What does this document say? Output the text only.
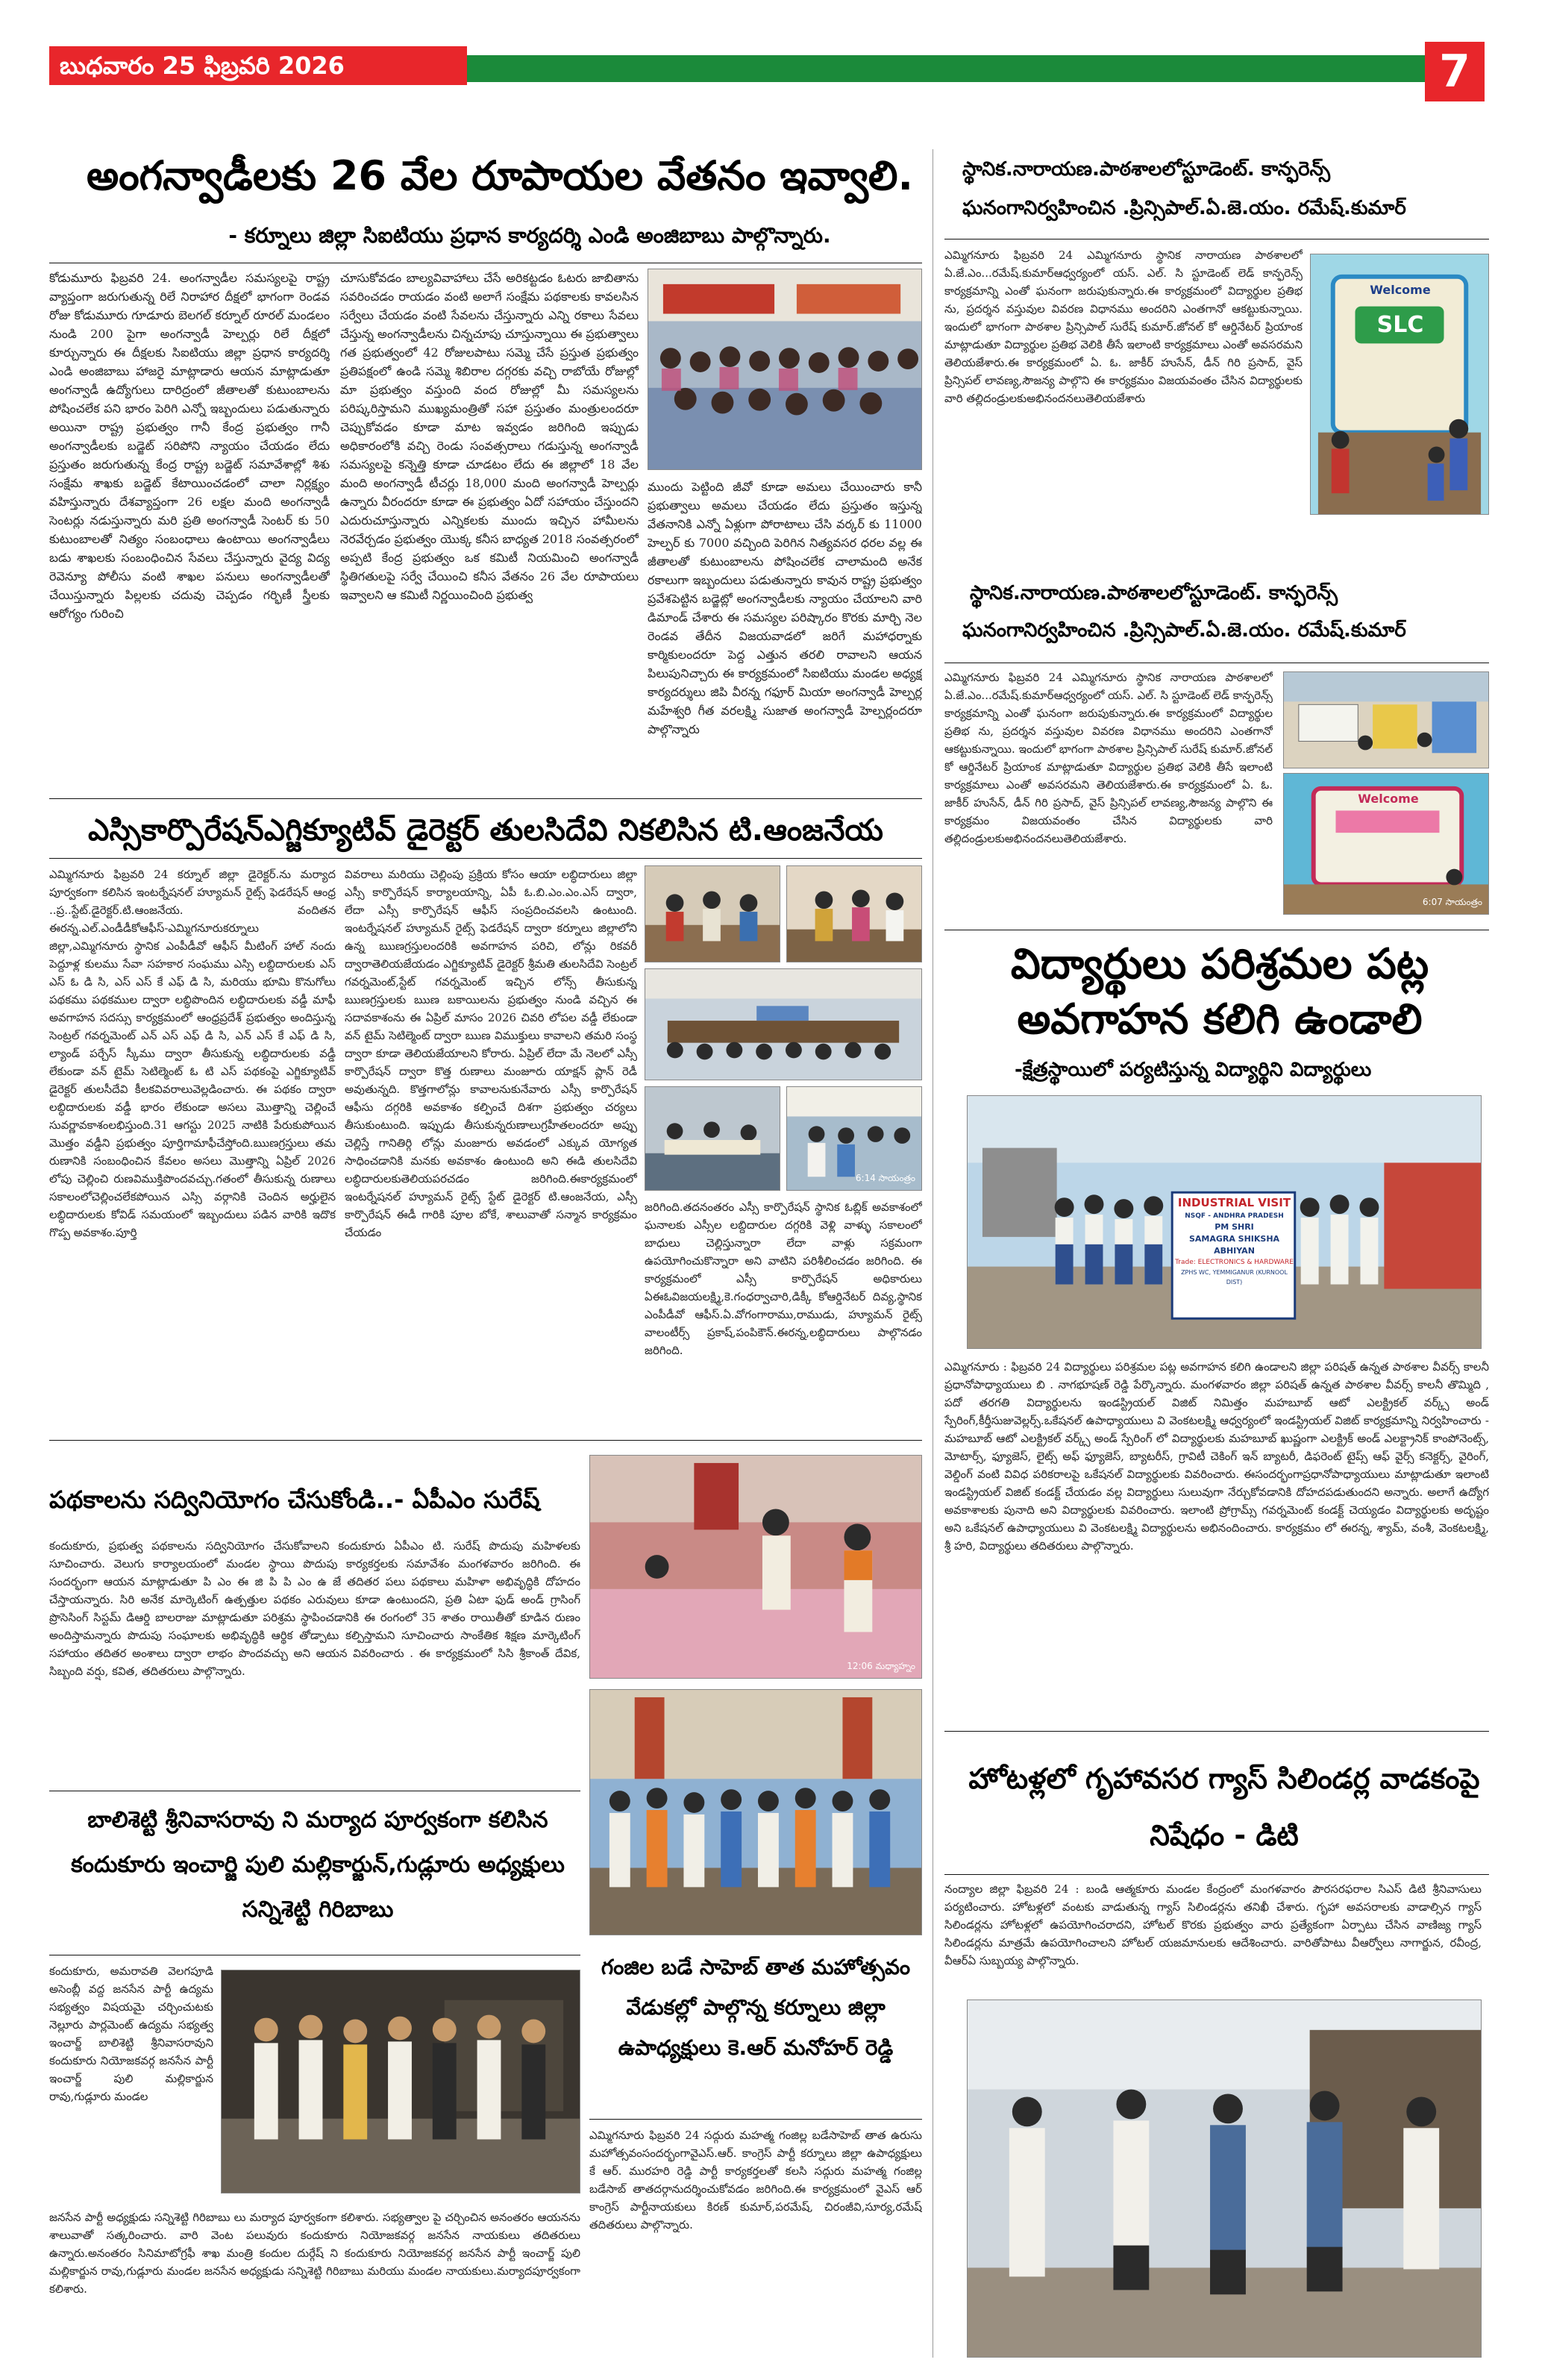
బుధవారం 25 ఫిబ్రవరి 2026	7
అంగన్వాడీలకు 26 వేల రూపాయల వేతనం ఇవ్వాలి.
- కర్నూలు జిల్లా సిఐటియు ప్రధాన కార్యదర్శి ఎండి అంజిబాబు పాల్గొన్నారు.
కోడుమూరు ఫిబ్రవరి 24. అంగన్వాడీల సమస్యలపై రాష్ట్ర వ్యాప్తంగా జరుగుతున్న రిలే నిరాహార దీక్షలో భాగంగా రెండవ రోజు కోడుమూరు గూడూరు బెలగల్ కర్నూల్ రూరల్ మండలం నుండి 200 పైగా అంగన్వాడీ హెల్పర్లు రిలే దీక్షలో కూర్చున్నారు ఈ దీక్షలకు సిఐటియు జిల్లా ప్రధాన కార్యదర్శి ఎండి అంజిబాబు హాజరై మాట్లాడారు ఆయన మాట్లాడుతూ అంగన్వాడీ ఉద్యోగులు దారిద్రంలో జీతాలతో కుటుంబాలను పోషించలేక పని భారం పెరిగి ఎన్నో ఇబ్బందులు పడుతున్నారు అయినా రాష్ట్ర ప్రభుత్వం గానీ కేంద్ర ప్రభుత్వం గానీ అంగన్వాడీలకు బడ్జెట్ సరిపోని న్యాయం చేయడం లేదు ప్రస్తుతం జరుగుతున్న కేంద్ర రాష్ట్ర బడ్జెట్ సమావేశాల్లో శిశు సంక్షేమ శాఖకు బడ్జెట్ కేటాయించడంలో చాలా నిర్లక్ష్యం వహిస్తున్నారు దేశవ్యాప్తంగా 26 లక్షల మంది అంగన్వాడీ సెంటర్లు నడుస్తున్నారు మరి ప్రతి అంగన్వాడీ సెంటర్ కు 50 కుటుంబాలతో నిత్యం సంబంధాలు ఉంటాయి అంగన్వాడీలు బడు శాఖలకు సంబంధించిన సేవలు చేస్తున్నారు వైద్య విద్య రెవెన్యూ పోలీసు వంటి శాఖల పనులు అంగన్వాడీలతో చేయిస్తున్నారు పిల్లలకు చదువు చెప్పడం గర్భిణీ స్త్రీలకు ఆరోగ్యం గురించి
చూసుకోవడం బాల్యవివాహాలు చేసే అరికట్టడం ఓటరు జాబితాను సవరించడం రాయడం వంటి అలాగే సంక్షేమ పథకాలకు కావలసిన సర్వేలు చేయడం వంటి సేవలను చేస్తున్నారు ఎన్ని రకాలు సేవలు చేస్తున్న అంగన్వాడీలను చిన్నచూపు చూస్తున్నాయి ఈ ప్రభుత్వాలు గత ప్రభుత్వంలో 42 రోజులపాటు సమ్మె చేసే ప్రస్తుత ప్రభుత్వం ప్రతిపక్షంలో ఉండి సమ్మె శిబిరాల దగ్గరకు వచ్చి రాబోయే రోజుల్లో మా ప్రభుత్వం వస్తుంది వంద రోజుల్లో మీ సమస్యలను పరిష్కరిస్తామని ముఖ్యమంత్రితో సహా ప్రస్తుతం మంత్రులందరూ చెప్పుకోవడం కూడా మాట ఇవ్వడం జరిగింది ఇప్పుడు అధికారంలోకి వచ్చి రెండు సంవత్సరాలు గడుస్తున్న అంగన్వాడీ సమస్యలపై కన్నెత్తి కూడా చూడటం లేదు ఈ జిల్లాలో 18 వేల మంది అంగన్వాడీ టీచర్లు 18,000 మంది అంగన్వాడీ హెల్పర్లు ఉన్నారు వీరందరూ కూడా ఈ ప్రభుత్వం ఏదో సహాయం చేస్తుందని ఎదురుచూస్తున్నారు ఎన్నికలకు ముందు ఇచ్చిన హామీలను నెరవేర్చడం ప్రభుత్వం యొక్క కనీస బాధ్యత 2018 సంవత్సరంలో అప్పటి కేంద్ర ప్రభుత్వం ఒక కమిటీ నియమించి అంగన్వాడీ స్థితిగతులపై సర్వే చేయించి కనీస వేతనం 26 వేల రూపాయలు ఇవ్వాలని ఆ కమిటీ నిర్ణయించింది ప్రభుత్వ
ముందు పెట్టింది జీవో కూడా అమలు చేయించారు కానీ ప్రభుత్వాలు అమలు చేయడం లేదు ప్రస్తుతం ఇస్తున్న వేతనానికి ఎన్నో ఏళ్లుగా పోరాటాలు చేసి వర్కర్ కు 11000 హెల్పర్ కు 7000 వచ్చింది పెరిగిన నిత్యవసర ధరల వల్ల ఈ జీతాలతో కుటుంబాలను పోషించలేక చాలామంది అనేక రకాలుగా ఇబ్బందులు పడుతున్నారు కావున రాష్ట్ర ప్రభుత్వం ప్రవేశపెట్టిన బడ్జెట్లో అంగన్వాడీలకు న్యాయం చేయాలని వారి డిమాండ్ చేశారు ఈ సమస్యల పరిష్కారం కొరకు మార్చి నెల రెండవ తేదీన విజయవాడలో జరిగే మహాధర్నాకు కార్మికులందరూ పెద్ద ఎత్తున తరలి రావాలని ఆయన పిలుపునిచ్చారు ఈ కార్యక్రమంలో సిఐటియు మండల అధ్యక్ష కార్యదర్శులు జిపి వీరన్న గఫూర్ మియా అంగన్వాడీ హెల్పర్ల మహేశ్వరి గీత వరలక్ష్మి సుజాత అంగన్వాడీ హెల్పర్లందరూ పాల్గొన్నారు
స్థానిక.నారాయణ.పాఠశాలలోస్టూడెంట్. కాన్ఫరెన్స్
ఘనంగానిర్వహించిన .ప్రిన్సిపాల్.ఏ.జె.యం. రమేష్.కుమార్
ఎమ్మిగనూరు ఫిబ్రవరి 24 ఎమ్మిగనూరు స్థానిక నారాయణ పాఠశాలలో ఏ.జే.ఎం...రమేష్.కుమార్ఆధ్వర్యంలో యస్. ఎల్. సి స్టూడెంట్ లెడ్ కాన్ఫరెన్స్ కార్యక్రమాన్ని ఎంతో ఘనంగా జరుపుకున్నారు.ఈ కార్యక్రమంలో విద్యార్థుల ప్రతిభ ను, ప్రదర్శన వస్తువుల వివరణ విధానము అందరిని ఎంతగానో ఆకట్టుకున్నాయి. ఇందులో భాగంగా పాఠశాల ప్రిన్సిపాల్ సురేష్ కుమార్.జోనల్ కో ఆర్డినేటర్ ప్రియాంక మాట్లాడుతూ విద్యార్థుల ప్రతిభ వెలికి తీసే ఇలాంటి కార్యక్రమాలు ఎంతో అవసరమని తెలియజేశారు.ఈ కార్యక్రమంలో ఏ. ఓ. జాకీర్ హుసేన్, డీన్ గిరి ప్రసాద్, వైస్ ప్రిన్సిపల్ లావణ్య,సౌజన్య పాల్గొని ఈ కార్యక్రమం విజయవంతం చేసిన విద్యార్థులకు వారి తల్లిదండ్రులకుఅభినందనలుతెలియజేశారు
Welcome
SLC
స్థానిక.నారాయణ.పాఠశాలలోస్టూడెంట్. కాన్ఫరెన్స్
ఘనంగానిర్వహించిన .ప్రిన్సిపాల్.ఏ.జె.యం. రమేష్.కుమార్
ఎమ్మిగనూరు ఫిబ్రవరి 24 ఎమ్మిగనూరు స్థానిక నారాయణ పాఠశాలలో ఏ.జే.ఎం...రమేష్.కుమార్ఆధ్వర్యంలో యస్. ఎల్. సి స్టూడెంట్ లెడ్ కాన్ఫరెన్స్ కార్యక్రమాన్ని ఎంతో ఘనంగా జరుపుకున్నారు.ఈ కార్యక్రమంలో విద్యార్థుల ప్రతిభ ను, ప్రదర్శన వస్తువుల వివరణ విధానము అందరిని ఎంతగానో ఆకట్టుకున్నాయి. ఇందులో భాగంగా పాఠశాల ప్రిన్సిపాల్ సురేష్ కుమార్.జోనల్ కో ఆర్డినేటర్ ప్రియాంక మాట్లాడుతూ విద్యార్థుల ప్రతిభ వెలికి తీసే ఇలాంటి కార్యక్రమాలు ఎంతో అవసరమని తెలియజేశారు.ఈ కార్యక్రమంలో ఏ. ఓ. జాకీర్ హుసేన్, డీన్ గిరి ప్రసాద్, వైస్ ప్రిన్సిపల్ లావణ్య,సౌజన్య పాల్గొని ఈ కార్యక్రమం విజయవంతం చేసిన విద్యార్థులకు వారి తల్లిదండ్రులకుఅభినందనలుతెలియజేశారు.
Welcome
6:07 సాయంత్రం
ఎస్సికార్పొరేషన్ఎగ్జిక్యూటివ్ డైరెక్టర్ తులసిదేవి నికలిసిన టి.ఆంజనేయ
ఎమ్మిగనూరు ఫిబ్రవరి 24 కర్నూల్ జిల్లా డైరెక్టర్.ను మర్యాద పూర్వకంగా కలిసిన ఇంటర్నేషనల్ హ్యూమన్ రైట్స్ ఫెడరేషన్ ఆంధ్ర ..ప్ర..స్టేట్.డైరెక్టర్.టి.ఆంజనేయ. వందితన ఈరన్న.ఎల్.ఎండీడీకోఆఫీస్-ఎమ్మిగనూరుకర్నూలు జిల్లా,ఎమ్మిగనూరు స్థానిక ఎంపీడీవో ఆఫీస్ మీటింగ్ హాల్ నందు పెద్దూళ్ల కులము సేవా సహకార సంఘము ఎస్సి లబ్దిదారులకు ఎస్ ఎస్ ఓ డి సి, ఎస్ ఎస్ కే ఎఫ్ డి సి, మరియు భూమి కొనుగోలు పథకము పథకముల ద్వారా లబ్ధిపొందిన లబ్ధిదారులకు వడ్డీ మాఫీ అవగాహన సదస్సు కార్యక్రమంలో ఆంధ్రప్రదేశ్ ప్రభుత్వం అందిస్తున్న సెంట్రల్ గవర్నమెంట్ ఎన్ ఎస్ ఎఫ్ డి సి, ఎన్ ఎస్ కే ఎఫ్ డి సి, ల్యాండ్ పర్చేస్ స్కీము ద్వారా తీసుకున్న లబ్ధిదారులకు వడ్డీ లేకుండా వన్ టైమ్ సెటిల్మెంట్ ఓ టి ఎస్ పథకంపై ఎగ్జిక్యూటివ్ డైరెక్టర్ తులసీదేవి కీలకవివరాలువెల్లడించారు. ఈ పథకం ద్వారా లబ్ధిదారులకు వడ్డీ భారం లేకుండా అసలు మొత్తాన్ని చెల్లించే సువర్ణావకాశంలభిస్తుంది.31 ఆగస్టు 2025 నాటికి పేరుకుపోయిన మొత్తం వడ్డీని ప్రభుత్వం పూర్తిగామాఫీచేస్తోంది.ఋణగ్రస్తులు తమ రుణానికి సంబంధించిన కేవలం అసలు మొత్తాన్ని ఏప్రిల్ 2026 లోపు చెల్లించి రుణవిముక్తిపొందవచ్చు.గతంలో తీసుకున్న రుణాలు సకాలంలోచెల్లించలేకపోయిన ఎస్సి వర్గానికి చెందిన అర్హులైన లబ్ధిదారులకు కోవిడ్ సమయంలో ఇబ్బందులు పడిన వారికి ఇదొక గొప్ప అవకాశం.పూర్తి
వివరాలు మరియు చెల్లింపు ప్రక్రియ కోసం ఆయా లబ్ధిదారులు జిల్లా ఎస్సీ కార్పొరేషన్ కార్యాలయాన్ని, ఏపీ ఓ.బి.ఎం.ఎం.ఎస్ ద్వారా, లేదా ఎస్సీ కార్పొరేషన్ ఆఫీస్ సంప్రదించవలసి ఉంటుంది. ఇంటర్నేషనల్ హ్యూమన్ రైట్స్ ఫెడరేషన్ ద్వారా కర్నూలు జిల్లాలోని ఉన్న ఋణగ్రస్తులందరికి అవగాహన పరిచి, లోన్లు రికవరీ ద్వారాతెలియజేయడం ఎగ్జిక్యూటివ్ డైరెక్టర్ శ్రీమతి తులసిదేవి సెంట్రల్ గవర్నమెంట్,స్టేట్ గవర్నమెంట్ ఇచ్చిన లోన్స్ తీసుకున్న ఋణగ్రస్తులకు ఋణ బకాయిలను ప్రభుత్వం నుండి వచ్చిన ఈ సదావకాశంను ఈ ఏప్రిల్ మాసం 2026 చివరి లోపల వడ్డీ లేకుండా వన్ టైమ్ సెటిల్మెంట్ ద్వారా ఋణ విముక్తులు కావాలని తమరి సంస్థ ద్వారా కూడా తెలియజేయాలని కోరారు. ఏప్రిల్ లేదా మే నెలలో ఎస్సీ కార్పొరేషన్ ద్వారా కొత్త రుణాలు మంజూరు యాక్షన్ ప్లాన్ రెడీ అవుతున్నది. కొత్తగాలోన్లు కావాలనుకునేవారు ఎస్సీ కార్పొరేషన్ ఆఫీసు దగ్గరికి అవకాశం కల్పించే దిశగా ప్రభుత్వం చర్యలు తీసుకుంటుంది. ఇప్పుడు తీసుకున్నరుణాలుగ్రహీతలందరూ అప్పు చెల్లిస్తే గానితిర్గి లోన్లు మంజూరు అవడంలో ఎక్కువ యోగ్యత సాధించడానికి మనకు అవకాశం ఉంటుంది అని ఈడి తులసిదేవి లబ్ధిదారులకుతెలియపరచడం జరిగింది.ఈకార్యక్రమంలో ఇంటర్నేషనల్ హ్యూమన్ రైట్స్ స్టేట్ డైరెక్టర్ టి.ఆంజనేయ, ఎస్సీ కార్పొరేషన్ ఈడీ గారికి పూల బోకే, శాలువాతో సన్మాన కార్యక్రమం చేయడం
6:14 సాయంత్రం
జరిగింది.తదనంతరం ఎస్సీ కార్పొరేషన్ స్థానిక ఓబ్లిక్ అవకాశంలో ఘనాలకు ఎస్సీల లబ్దిదారుల దగ్గరికి వెళ్లి వాళ్ళు సకాలంలో బాధులు చెల్లిస్తున్నారా లేదా వాళ్లు సక్రమంగా ఉపయోగించుకొన్నారా అని వాటిని పరిశీలించడం జరిగింది. ఈ కార్యక్రమంలో ఎస్సీ కార్పొరేషన్ అధికారులు ఏఈఓవిజయలక్ష్మి,కె.గంధర్వాచారి,డిక్కీ కోఆర్డినేటర్ దివ్య,స్థానిక ఎంపీడీవో ఆఫీస్.ఏ.వోగంగారాము,రాముడు, హ్యూమన్ రైట్స్ వాలంటీర్స్ ప్రకాష్,పంపికౌన్.ఈరన్న,లబ్ధిదారులు పాల్గొనడం జరిగింది.
విద్యార్థులు పరిశ్రమల పట్ల అవగాహన కలిగి ఉండాలి
-క్షేత్రస్థాయిలో పర్యటిస్తున్న విద్యార్థిని విద్యార్థులు
INDUSTRIAL VISIT
NSQF - ANDHRA PRADESH
PM SHRI
SAMAGRA SHIKSHA
ABHIYAN
Trade: ELECTRONICS & HARDWARE
ZPHS WC, YEMMIGANUR (KURNOOL DIST)
ఎమ్మిగనూరు : ఫిబ్రవరి 24 విద్యార్థులు పరిశ్రమల పట్ల అవగాహన కలిగి ఉండాలని జిల్లా పరిషత్ ఉన్నత పాఠశాల వీవర్స్ కాలనీ ప్రధానోపాధ్యాయులు బి . నాగభూషణ్ రెడ్డి పేర్కొన్నారు. మంగళవారం జిల్లా పరిషత్ ఉన్నత పాఠశాల వీవర్స్ కాలనీ తొమ్మిది , పదో తరగతి విద్యార్థులను ఇండస్ట్రియల్ విజిట్ నిమిత్తం మహబూబ్ ఆటో ఎలక్ట్రికల్ వర్క్స్ అండ్ స్పేరింగ్,కీర్తీసుజువెల్లర్స్.ఒకేషనల్ ఉపాధ్యాయులు వి వెంకటలక్ష్మి ఆధ్వర్యంలో ఇండస్ట్రియల్ విజిట్ కార్యక్రమాన్ని నిర్వహించారు - మహబూబ్ ఆటో ఎలక్ట్రికల్ వర్క్స్ అండ్ స్పేరింగ్ లో విద్యార్థులకు మహబూబ్ ఖుష్ణంగా ఎలక్ట్రిక్ అండ్ ఎలక్ట్రానిక్ కాంపోనెంట్స్, మోటార్స్, ఫ్యూజెస్, లైట్స్ అఫ్ ఫ్యూజెస్, బ్యాటరీస్, గ్రావిటీ చెకింగ్ ఇన్ బ్యాటరీ, డిఫరెంట్ టైప్స్ ఆఫ్ వైర్స్ కనెక్టర్స్, వైరింగ్, వెల్డింగ్ వంటి వివిధ పరికరాలపై ఒకేషనల్ విద్యార్థులకు వివరించారు. ఈసందర్భంగాప్రధానోపాధ్యాయులు మాట్లాడుతూ ఇలాంటి ఇండస్ట్రియల్ విజిట్ కండక్ట్ చేయడం వల్ల విద్యార్థులు సులువుగా నేర్చుకోవడానికి దోహదపడుతుందని అన్నారు. అలాగే ఉద్యోగ అవకాశాలకు పునాది అని విద్యార్థులకు వివరించారు. ఇలాంటి ప్రోగ్రామ్స్ గవర్నమెంట్ కండక్ట్ చెయ్యడం విద్యార్థులకు అదృష్టం అని ఒకేషనల్ ఉపాధ్యాయులు వి వెంకటలక్ష్మి విద్యార్థులను అభినందించారు. కార్యక్రమం లో ఈరన్న, శ్యామ్, వంశీ, వెంకటలక్ష్మి, శ్రీ హరి, విద్యార్థులు తదితరులు పాల్గొన్నారు.
పథకాలను సద్వినియోగం చేసుకోండి..- ఏపీఎం సురేష్
కందుకూరు, ప్రభుత్వ పథకాలను సద్వినియోగం చేసుకోవాలని కందుకూరు ఏపీఎం టి. సురేష్ పొదుపు మహిళలకు సూచించారు. వెలుగు కార్యాలయంలో మండల స్థాయి పొదుపు కార్యకర్తలకు సమావేశం మంగళవారం జరిగింది. ఈ సందర్భంగా ఆయన మాట్లాడుతూ పి ఎం ఈ జి పి పి ఎం ఉ జే తదితర పలు పథకాలు మహిళా అభివృద్ధికి దోహదం చేస్తాయన్నారు. సిరి అనేక మార్కెటింగ్ ఉత్పత్తుల పథకం ఎరువులు కూడా ఉంటుందని, ప్రతి ఏటా ఫుడ్ అండ్ గ్రాసింగ్ ప్రొసెసింగ్ సిస్టమ్ డిఆర్డి బాలరాజు మాట్లాడుతూ పరిశ్రమ స్థాపించడానికి ఈ రంగంలో 35 శాతం రాయితీతో కూడిన రుణం అందిస్తామన్నారు పొదుపు సంఘాలకు అభివృద్ధికి ఆర్థిక తోడ్పాటు కల్పిస్తామని సూచించారు సాంకేతిక శిక్షణ మార్కెటింగ్ సహాయం తదితర అంశాలు ద్వారా లాభం పొందవచ్చు అని ఆయన వివరించారు . ఈ కార్యక్రమంలో సిసి శ్రీకాంత్ దేవిక, సిబ్బంది వర్షు, కవిత, తదితరులు పాల్గొన్నారు.	12:06 మధ్యాహ్నం
బాలిశెట్టి శ్రీనివాసరావు ని మర్యాద పూర్వకంగా కలిసిన కందుకూరు ఇంచార్జి పులి మల్లికార్జున్,గుడ్లూరు అధ్యక్షులు సన్నిశెట్టి గిరిబాబు
కందుకూరు, అమరావతి వెలగపూడి అసెంబ్లీ వద్ద జనసేన పార్టీ ఉద్యమ సభ్యత్వం విషయమై చర్చించుటకు నెల్లూరు పార్లమెంట్ ఉద్యమ సభ్యత్వ ఇంచార్జ్ బాలిశెట్టి శ్రీనివాసరావుని కందుకూరు నియోజకవర్గ జనసేన పార్టీ ఇంచార్జ్ పులి మల్లికార్జున రావు,గుడ్లూరు మండల
జనసేన పార్టీ అధ్యక్షుడు సన్నిశెట్టి గిరిబాబు లు మర్యాద పూర్వకంగా కలిశారు. సభ్యత్వాల పై చర్చించిన అనంతరం ఆయనను శాలువాతో సత్కరించారు. వారి వెంట పలువురు కందుకూరు నియోజకవర్గ జనసేన నాయకులు తదితరులు ఉన్నారు.అనంతరం సినిమాటోగ్రఫీ శాఖ మంత్రి కందుల దుర్గేష్ ని కందుకూరు నియోజకవర్గ జనసేన పార్టీ ఇంచార్జ్ పులి మల్లికార్జున రావు,గుడ్లూరు మండల జనసేన అధ్యక్షుడు సన్నిశెట్టి గిరిబాబు మరియు మండల నాయకులు.మర్యాదపూర్వకంగా కలిశారు.
గంజిల బడే సాహెబ్ తాత మహోత్సవం వేడుకల్లో పాల్గొన్న కర్నూలు జిల్లా ఉపాధ్యక్షులు కె.ఆర్ మనోహర్ రెడ్డి
ఎమ్మిగనూరు ఫిబ్రవరి 24 సద్గురు మహత్మ గంజిల్ల బడేసాహెబ్ తాత ఉరుసు మహోత్సవంసందర్భంగావైఎస్.ఆర్. కాంగ్రెస్ పార్టీ కర్నూలు జిల్లా ఉపాధ్యక్షులు కే ఆర్. మురహరి రెడ్డి పార్టీ కార్యకర్తలతో కలసి సద్గురు మహత్మ గంజిల్ల బడేసాబ్ తాతదర్గానుదర్శించుకోవడం జరిగింది.ఈ కార్యక్రమంలో వైఎస్ ఆర్ కాంగ్రెస్ పార్టీనాయకులు కిరణ్ కుమార్,పరమేష్, చిరంజీవి,సూర్య,రమేష్ తదితరులు పాల్గొన్నారు.
హోటళ్లలో గృహావసర గ్యాస్ సిలిండర్ల వాడకంపై నిషేధం - డిటి
నంద్యాల జిల్లా ఫిబ్రవరి 24 : బండి ఆత్మకూరు మండల కేంద్రంలో మంగళవారం పౌరసరఫరాల సిఎస్ డిటి శ్రీనివాసులు పర్యటించారు. హోటళ్లలో వంటకు వాడుతున్న గ్యాస్ సిలిండర్లను తనిఖీ చేశారు. గృహా అవసరాలకు వాడాల్సిన గ్యాస్ సిలిండర్లను హోటళ్లలో ఉపయోగించరాదని, హోటల్ కొరకు ప్రభుత్వం వారు ప్రత్యేకంగా ఏర్పాటు చేసిన వాణిజ్య గ్యాస్ సిలిండర్లను మాత్రమే ఉపయోగించాలని హోటల్ యజమానులకు ఆదేశించారు. వారితోపాటు వీఆర్వోలు నాగార్జున, రవీంద్ర, వీఆర్ఏ సుబ్బయ్య పాల్గొన్నారు.
